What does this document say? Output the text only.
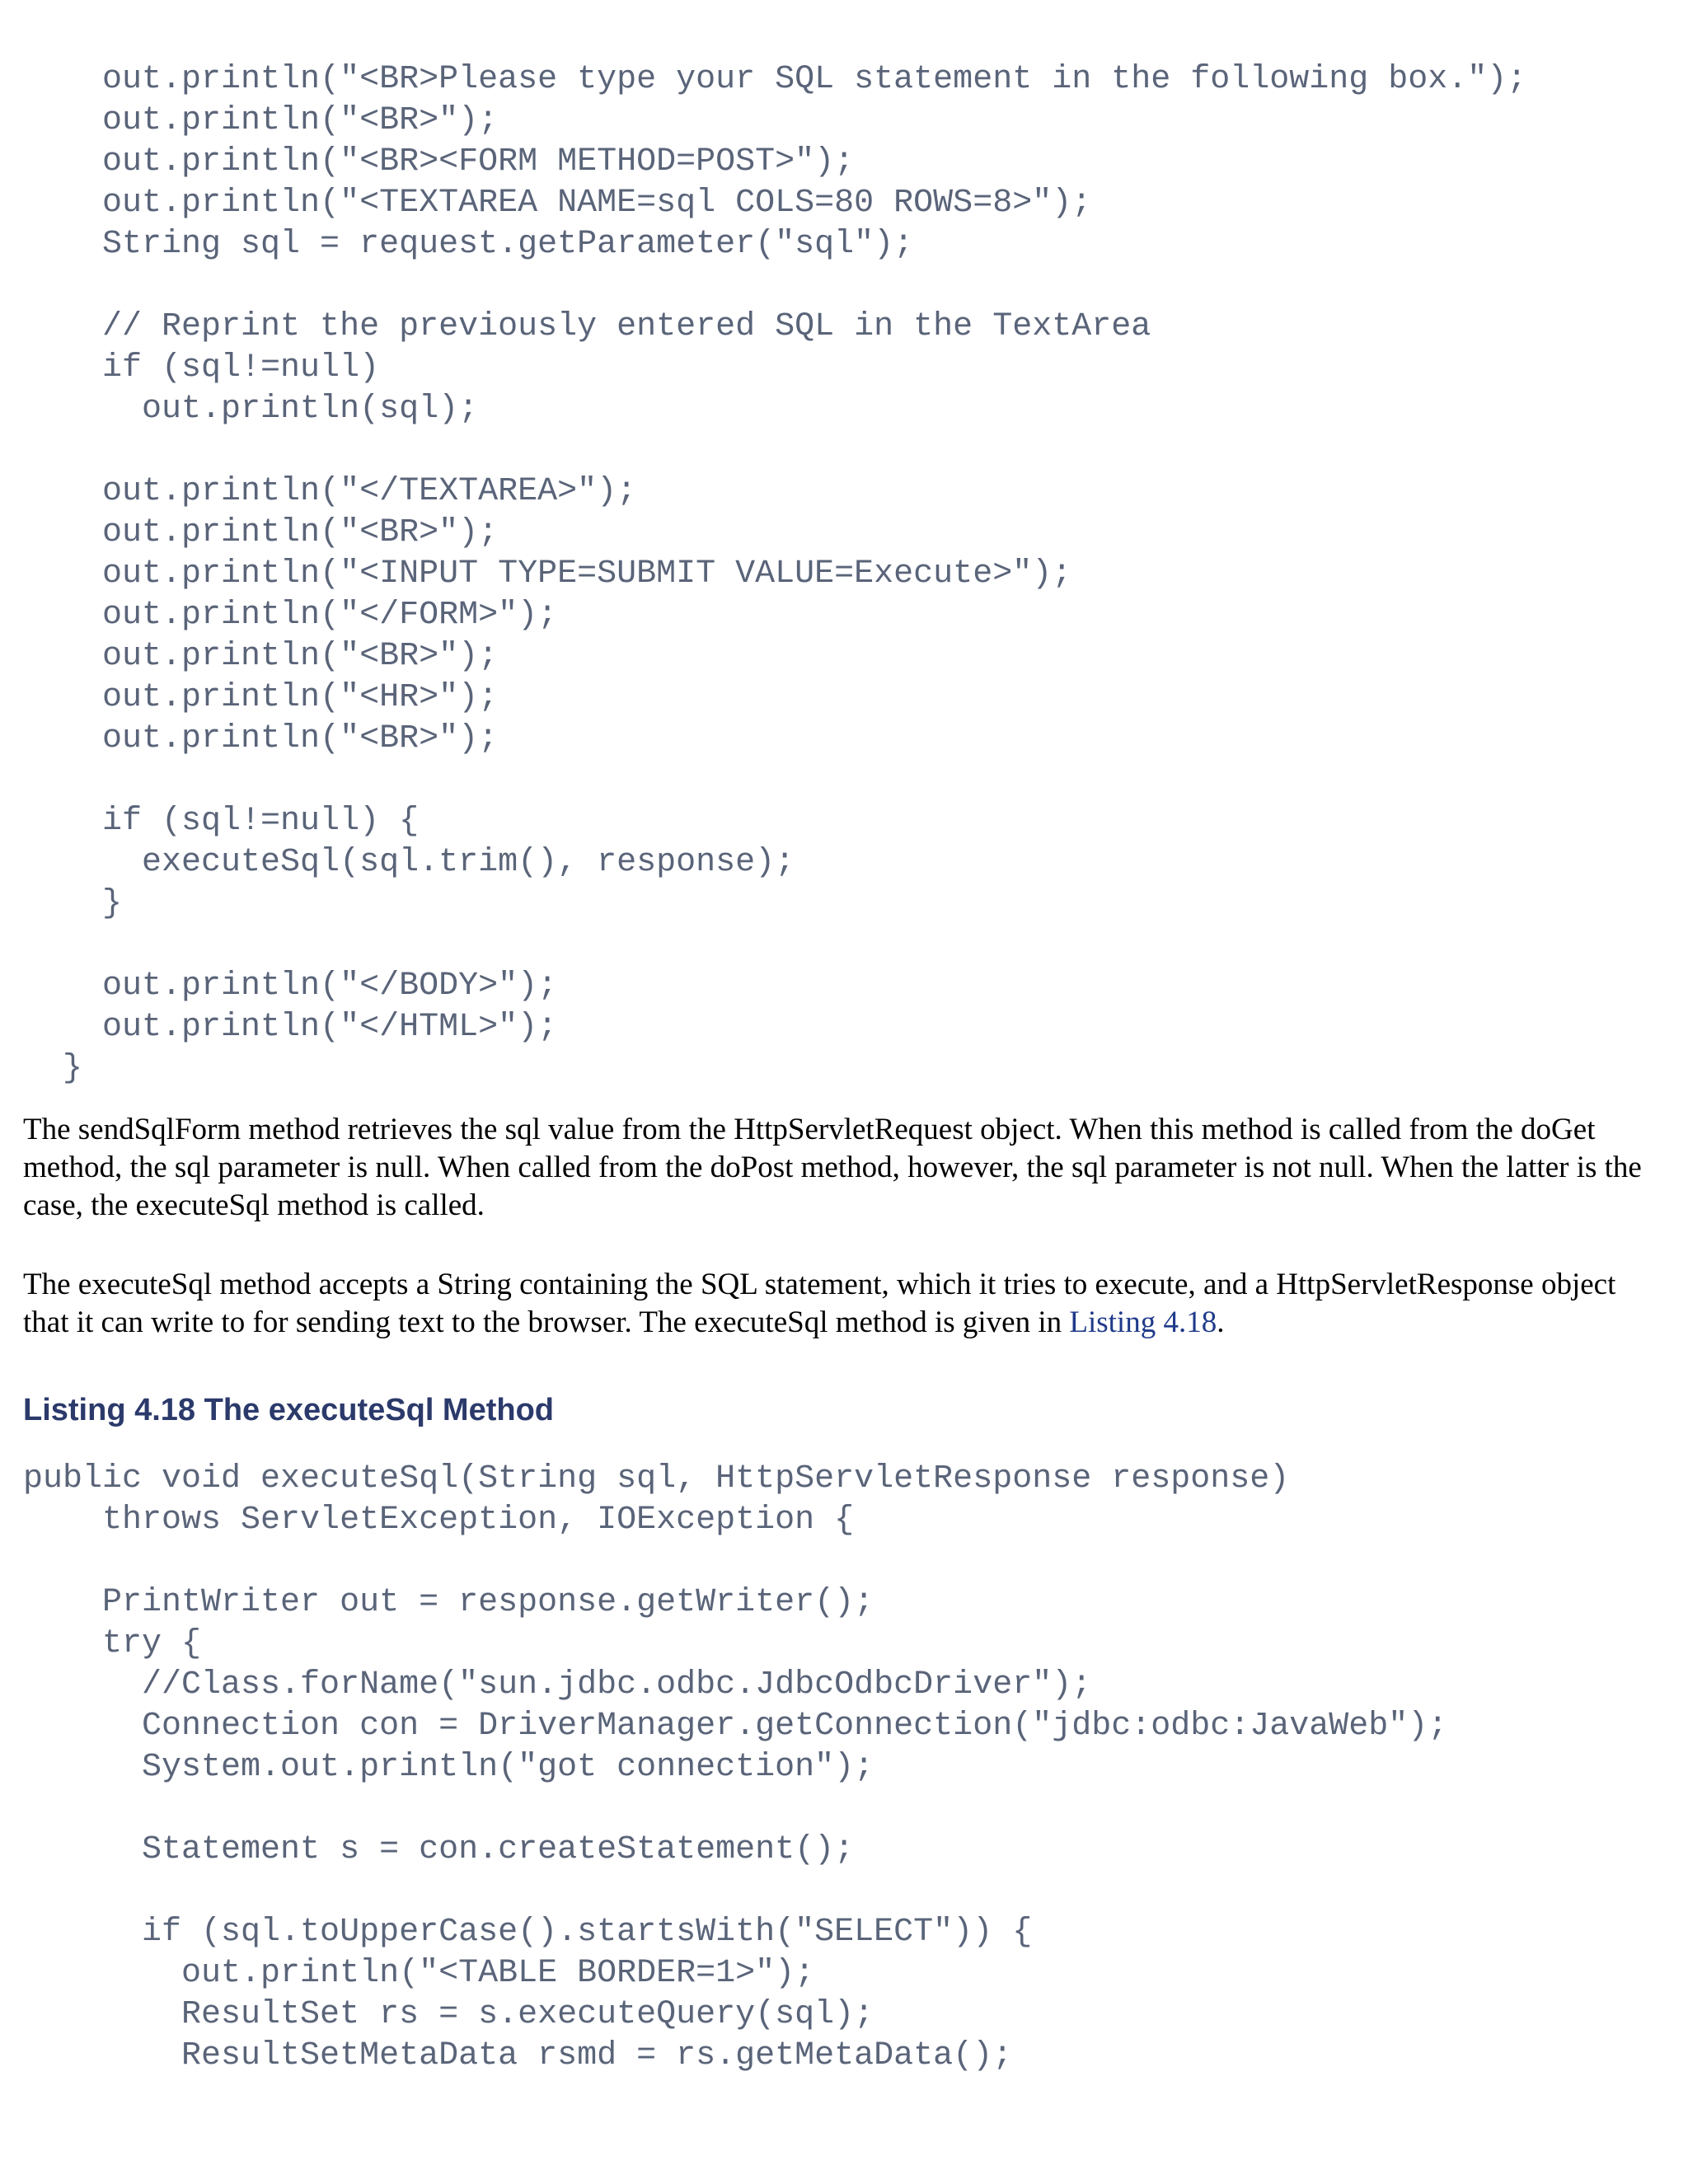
out.println("<BR>Please type your SQL statement in the following box.");
out.println("<BR>");
out.println("<BR><FORM METHOD=POST>");
out.println("<TEXTAREA NAME=sql COLS=80 ROWS=8>");
String sql = request.getParameter("sql");
// Reprint the previously entered SQL in the TextArea
if (sql!=null)
out.println(sql);
out.println("</TEXTAREA>");
out.println("<BR>");
out.println("<INPUT TYPE=SUBMIT VALUE=Execute>");
out.println("</FORM>");
out.println("<BR>");
out.println("<HR>");
out.println("<BR>");
if (sql!=null) {
executeSql(sql.trim(), response);
}
out.println("</BODY>");
out.println("</HTML>");
}

The sendSqlForm method retrieves the sql value from the HttpServletRequest object. When this method is called from the doGet method, the sql parameter is null. When called from the doPost method, however, the sql parameter is not null. When the latter is the case, the executeSql method is called.

The executeSql method accepts a String containing the SQL statement, which it tries to execute, and a HttpServletResponse object that it can write to for sending text to the browser. The executeSql method is given in Listing 4.18.

Listing 4.18 The executeSql Method
public void executeSql(String sql, HttpServletResponse response)
throws ServletException, IOException {
PrintWriter out = response.getWriter();
try {
//Class.forName("sun.jdbc.odbc.JdbcOdbcDriver");
Connection con = DriverManager.getConnection("jdbc:odbc:JavaWeb");
System.out.println("got connection");
Statement s = con.createStatement();
if (sql.toUpperCase().startsWith("SELECT")) {
out.println("<TABLE BORDER=1>");
ResultSet rs = s.executeQuery(sql);
ResultSetMetaData rsmd = rs.getMetaData();
